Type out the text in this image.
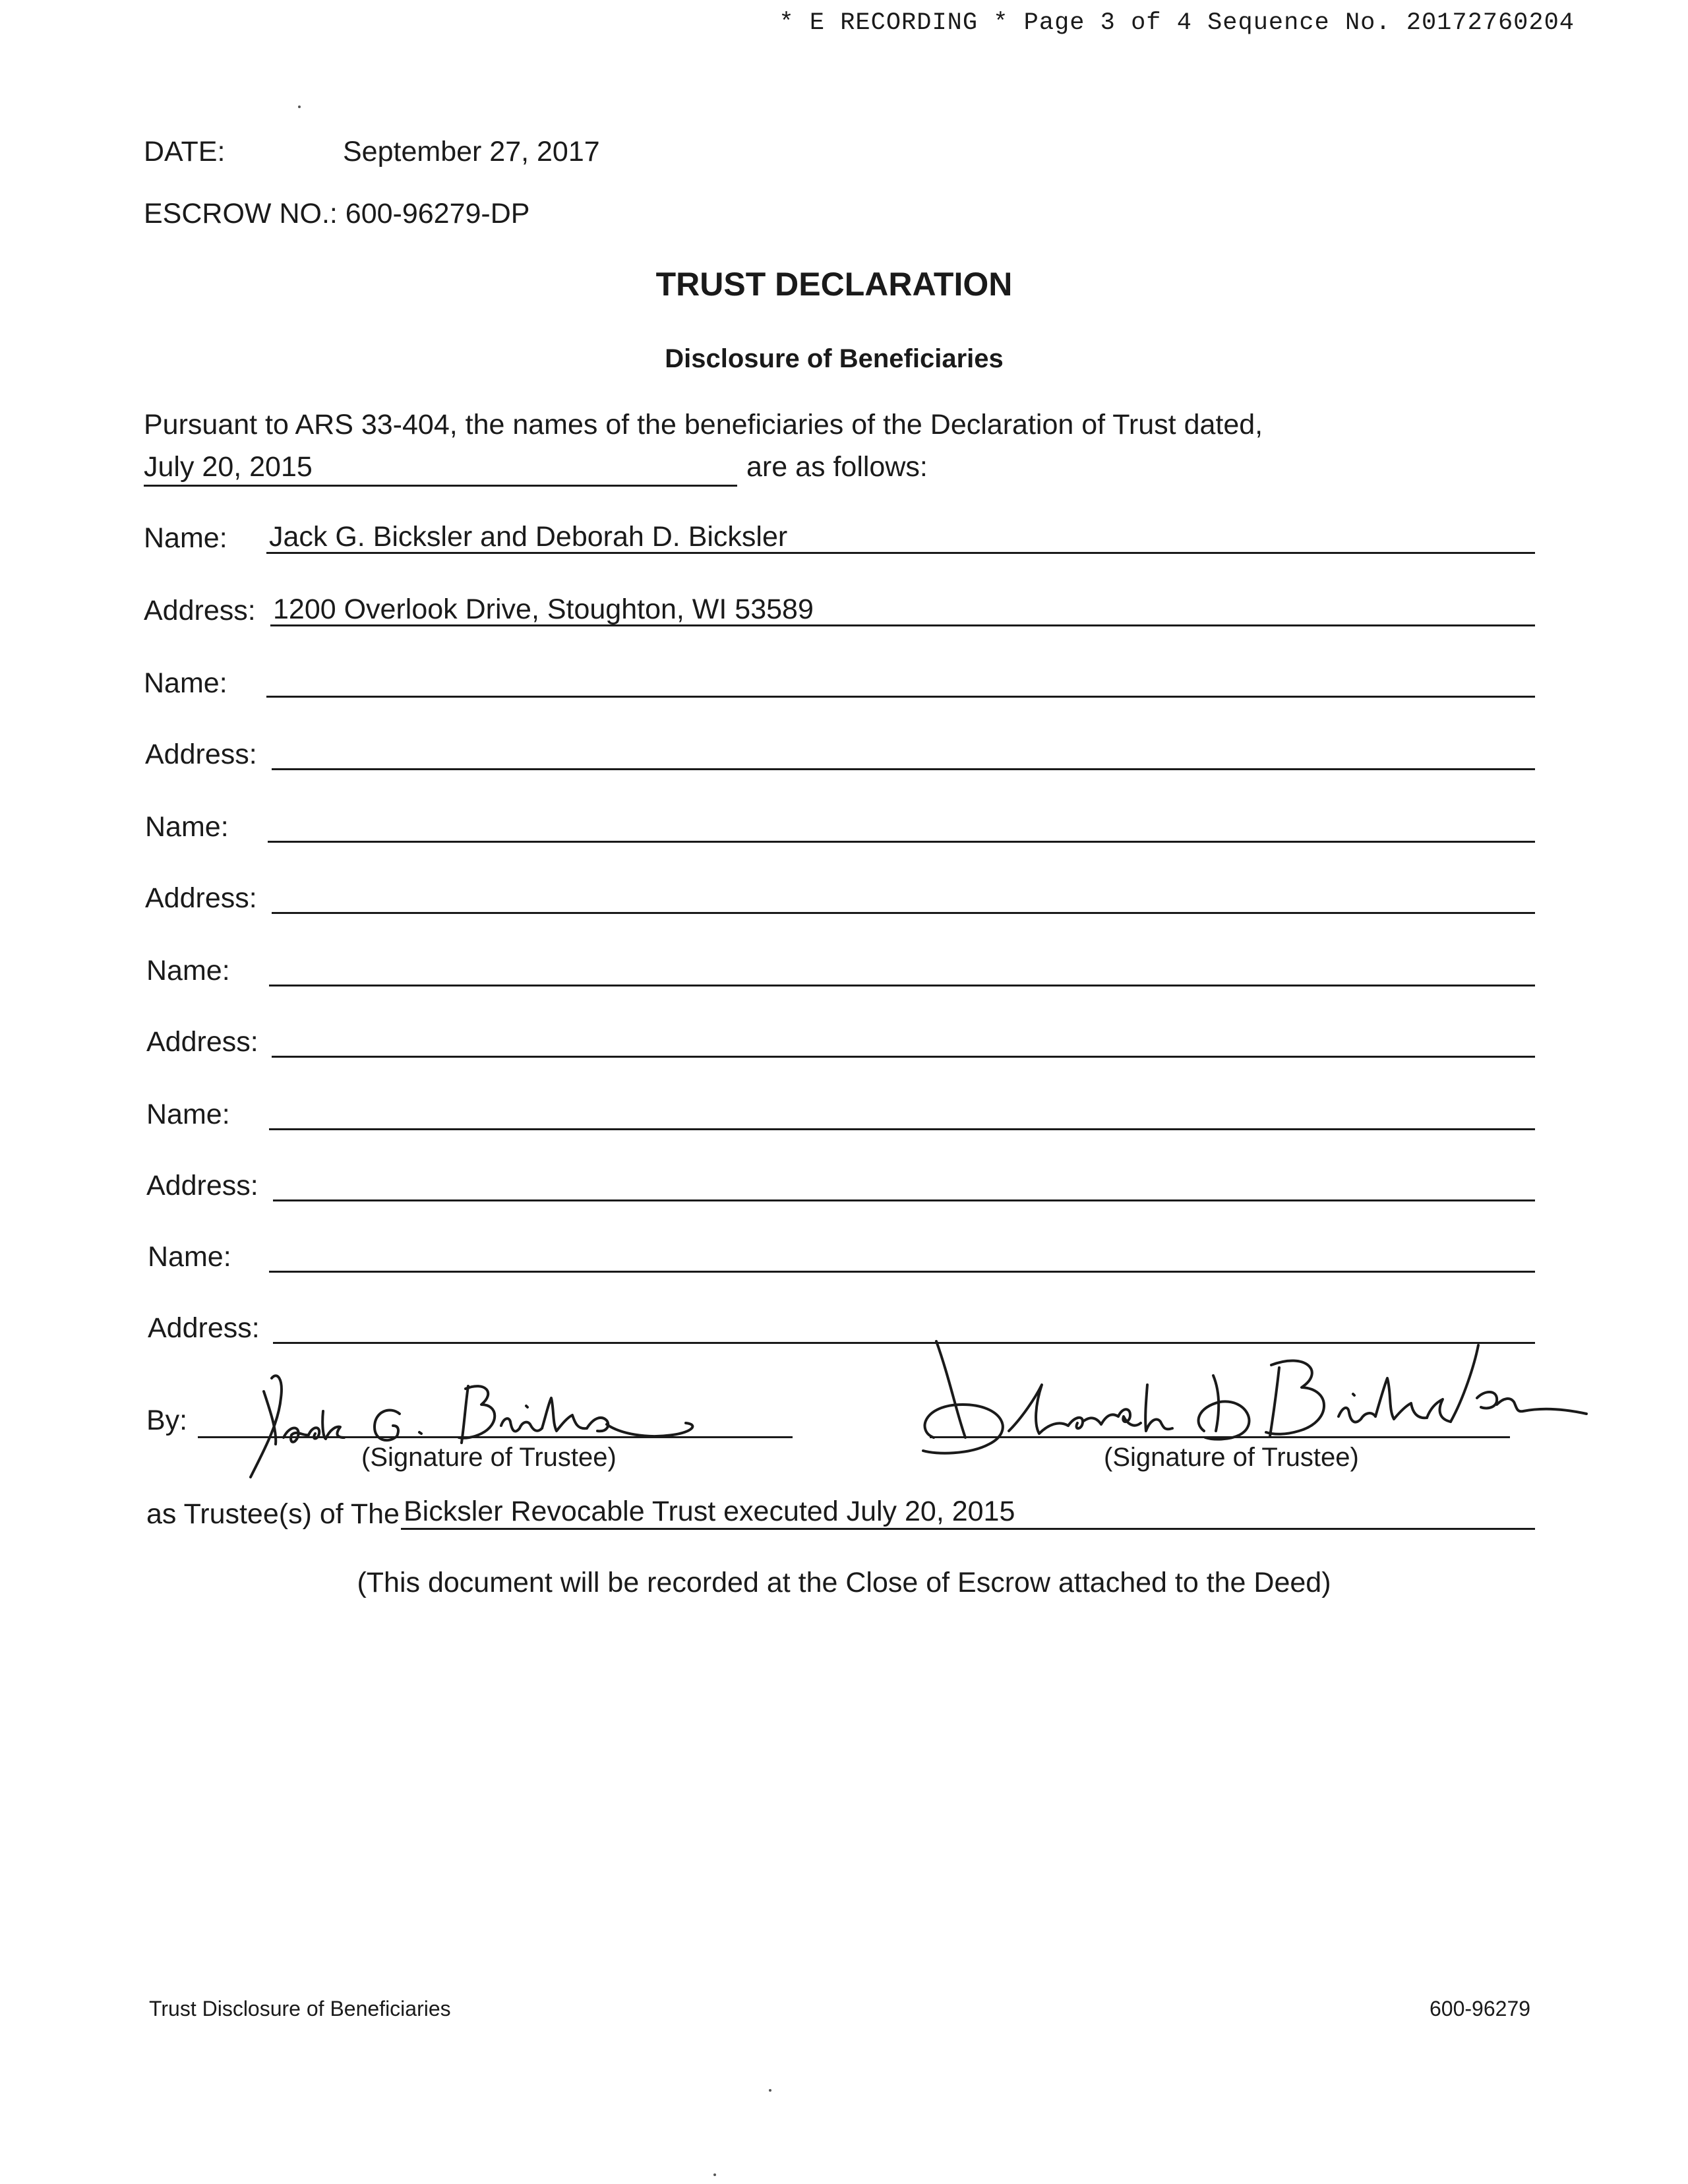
* E RECORDING * Page 3 of 4 Sequence No. 20172760204
DATE:	September 27, 2017
ESCROW NO.: 600-96279-DP
TRUST DECLARATION
Disclosure of Beneficiaries
Pursuant to ARS 33-404, the names of the beneficiaries of the Declaration of Trust dated,
July 20, 2015	are as follows:
Name: Jack G. Bicksler and Deborah D. Bicksler
Address: 1200 Overlook Drive, Stoughton, WI 53589
Name:
Address:
Name:
Address:
Name:
Address:
Name:
Address:
Name:
Address:
By:
(Signature of Trustee)	(Signature of Trustee)
as Trustee(s) of The Bicksler Revocable Trust executed July 20, 2015
(This document will be recorded at the Close of Escrow attached to the Deed)
Trust Disclosure of Beneficiaries	600-96279
